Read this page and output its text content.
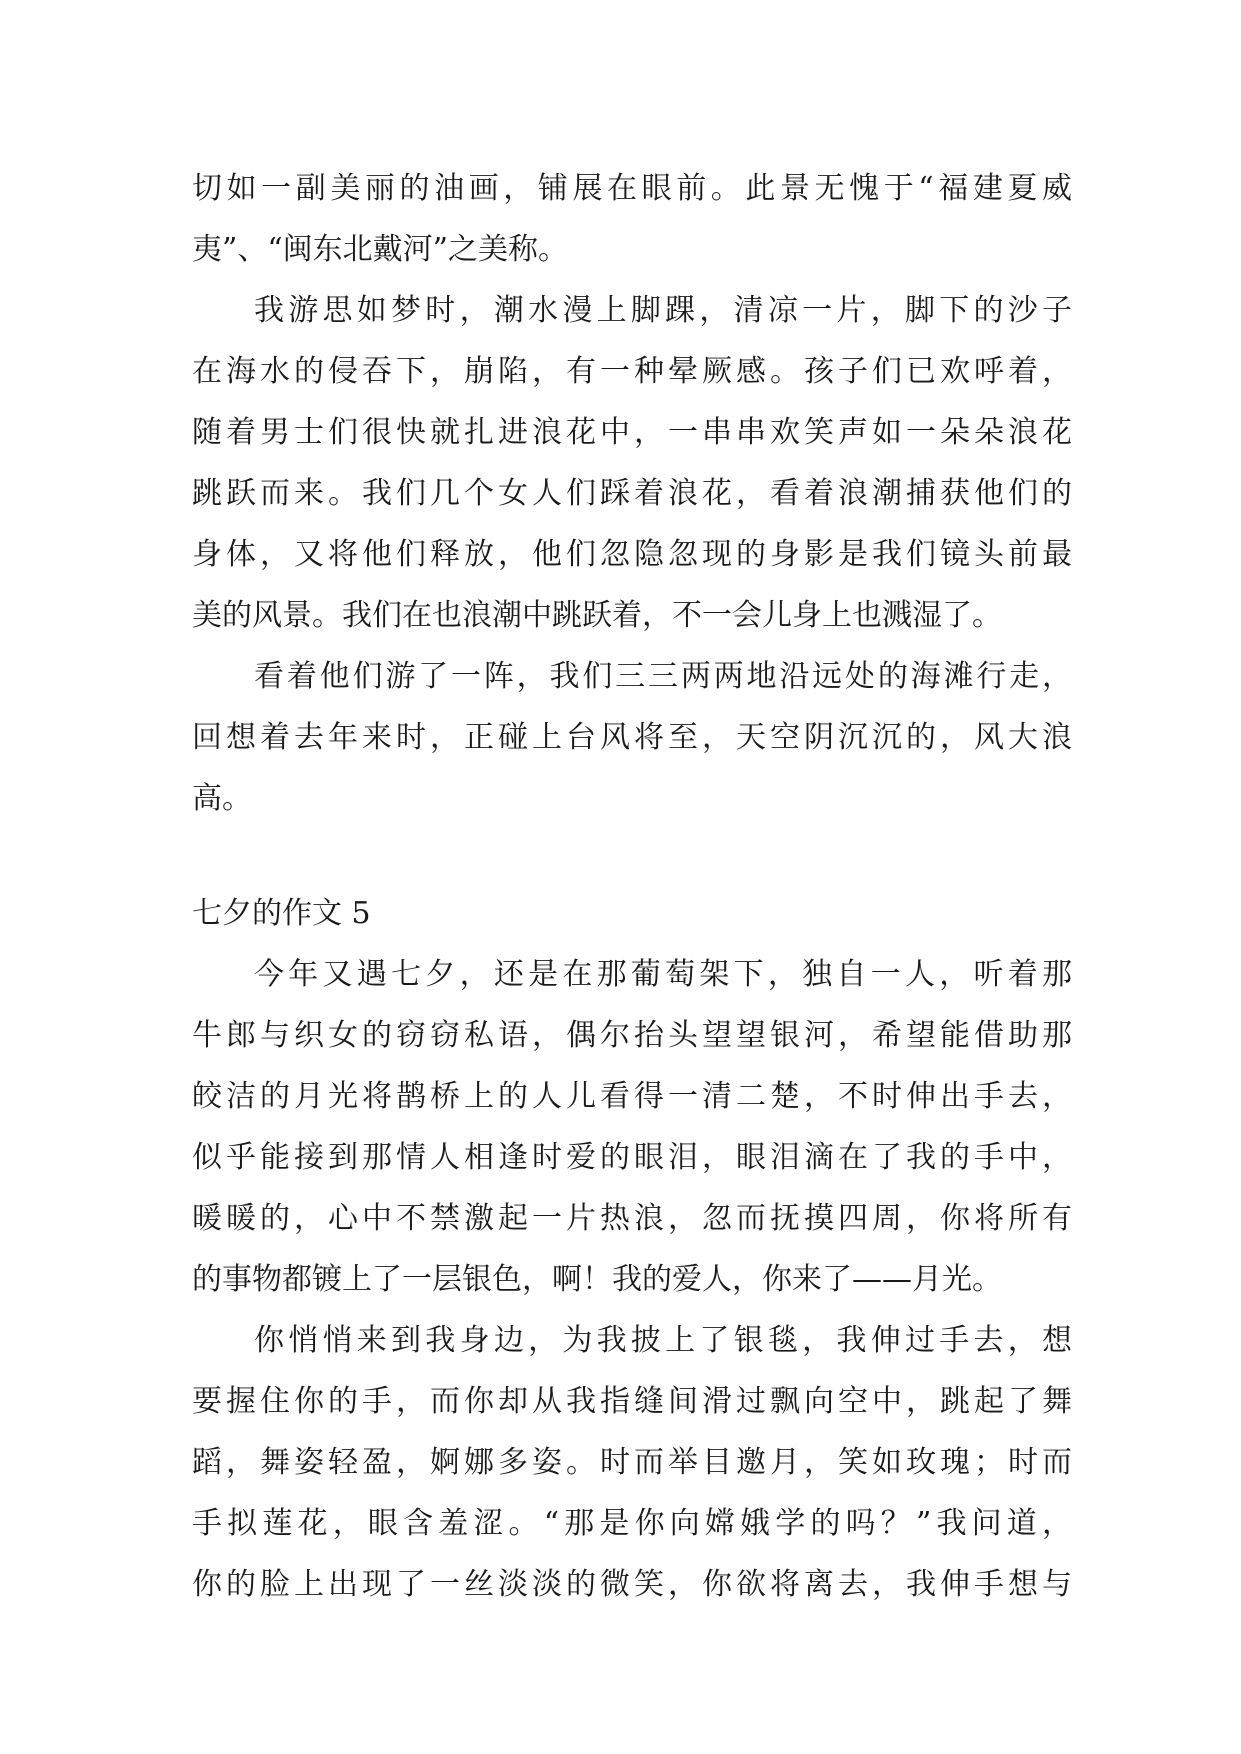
切如一副美丽的油画，铺展在眼前。此景无愧于“福建夏威
夷”、“闽东北戴河”之美称。
我游思如梦时，潮水漫上脚踝，清凉一片，脚下的沙子
在海水的侵吞下，崩陷，有一种晕厥感。孩子们已欢呼着，
随着男士们很快就扎进浪花中，一串串欢笑声如一朵朵浪花
跳跃而来。我们几个女人们踩着浪花，看着浪潮捕获他们的
身体，又将他们释放，他们忽隐忽现的身影是我们镜头前最
美的风景。我们在也浪潮中跳跃着，不一会儿身上也溅湿了。
看着他们游了一阵，我们三三两两地沿远处的海滩行走，
回想着去年来时，正碰上台风将至，天空阴沉沉的，风大浪
高。
七夕的作文 5
今年又遇七夕，还是在那葡萄架下，独自一人，听着那
牛郎与织女的窃窃私语，偶尔抬头望望银河，希望能借助那
皎洁的月光将鹊桥上的人儿看得一清二楚，不时伸出手去，
似乎能接到那情人相逢时爱的眼泪，眼泪滴在了我的手中，
暖暖的，心中不禁激起一片热浪，忽而抚摸四周，你将所有
的事物都镀上了一层银色，啊！我的爱人，你来了——月光。
你悄悄来到我身边，为我披上了银毯，我伸过手去，想
要握住你的手，而你却从我指缝间滑过飘向空中，跳起了舞
蹈，舞姿轻盈，婀娜多姿。时而举目邀月，笑如玫瑰；时而
手拟莲花，眼含羞涩。“那是你向嫦娥学的吗？”我问道，
你的脸上出现了一丝淡淡的微笑，你欲将离去，我伸手想与
